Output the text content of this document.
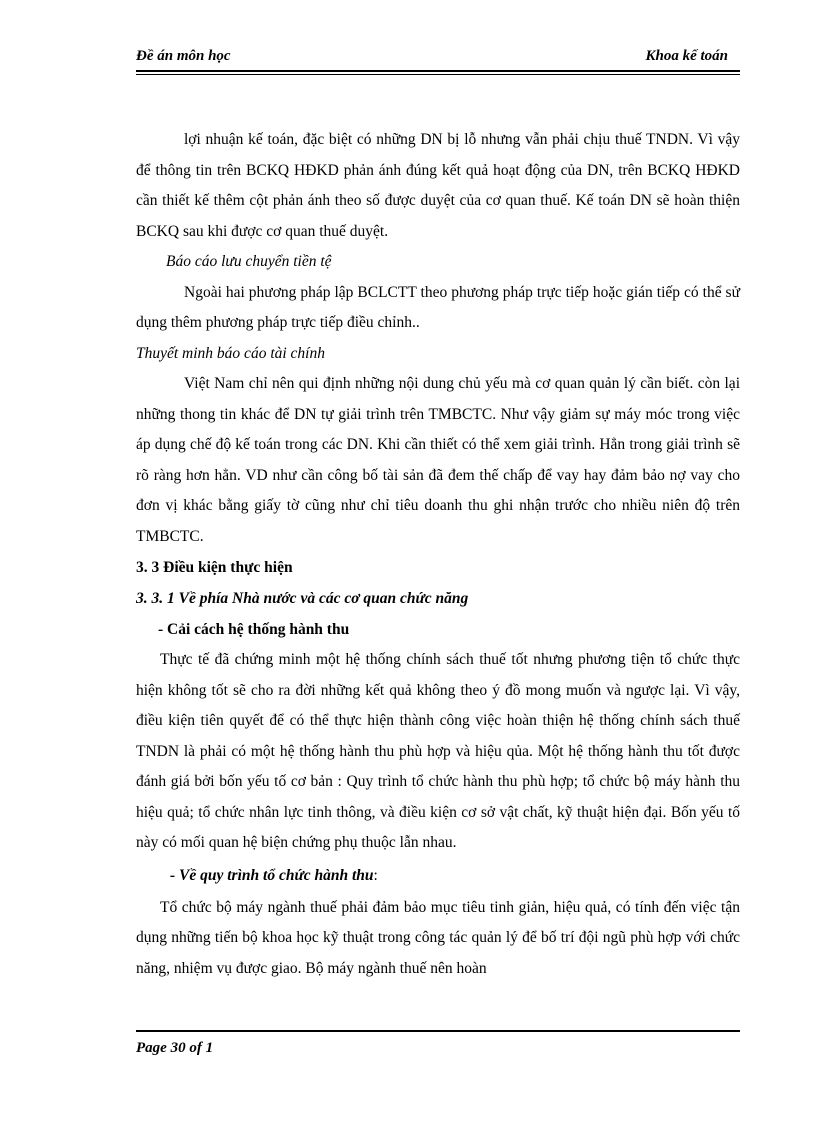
Đề án môn học	Khoa kế toán

lợi nhuận kế toán, đặc biệt có những DN bị lỗ nhưng vẫn phải chịu thuế TNDN. Vì vậy để thông tin trên BCKQ HĐKD phản ánh đúng kết quả hoạt động của DN, trên BCKQ HĐKD cần thiết kế thêm cột phản ánh theo số được duyệt của cơ quan thuế. Kế toán DN sẽ hoàn thiện BCKQ sau khi được cơ quan thuế duyệt.

Báo cáo lưu chuyển tiền tệ

Ngoài hai phương pháp lập BCLCTT theo phương pháp trực tiếp hoặc gián tiếp có thể sử dụng thêm phương pháp trực tiếp điều chỉnh..

Thuyết minh báo cáo tài chính

Việt Nam chỉ nên qui định những nội dung chủ yếu mà cơ quan quản lý cần biết. còn lại những thong tin khác để DN tự giải trình trên TMBCTC. Như vậy giảm sự máy móc trong việc áp dụng chế độ kế toán trong các DN. Khi cần thiết có thể xem giải trình. Hẳn trong giải trình sẽ rõ ràng hơn hẳn. VD như cần công bố tài sản đã đem thế chấp để vay hay đảm bảo nợ vay cho đơn vị khác bằng giấy tờ cũng như chỉ tiêu doanh thu ghi nhận trước cho nhiều niên độ trên TMBCTC.

3. 3 Điều kiện thực hiện

3. 3. 1 Về phía Nhà nước và các cơ quan chức năng

- Cải cách hệ thống hành thu

Thực tế đã chứng minh một hệ thống chính sách thuế tốt nhưng phương tiện tổ chức thực hiện không tốt sẽ cho ra đời những kết quả không theo ý đồ mong muốn và ngược lại. Vì vậy, điều kiện tiên quyết để có thể thực hiện thành công việc hoàn thiện hệ thống chính sách thuế TNDN là phải có một hệ thống hành thu phù hợp và hiệu qủa. Một hệ thống hành thu tốt được đánh giá bởi bốn yếu tố cơ bản : Quy trình tổ chức hành thu phù hợp; tổ chức bộ máy hành thu hiệu quả; tổ chức nhân lực tinh thông, và điều kiện cơ sở vật chất, kỹ thuật hiện đại. Bốn yếu tố này có mối quan hệ biện chứng phụ thuộc lẫn nhau.

- Về quy trình tổ chức hành thu:

Tổ chức bộ máy ngành thuế phải đảm bảo mục tiêu tinh giản, hiệu quả, có tính đến việc tận dụng những tiến bộ khoa học kỹ thuật trong công tác quản lý để bố trí đội ngũ phù hợp với chức năng, nhiệm vụ được giao. Bộ máy ngành thuế nên hoàn

Page 30 of 1
